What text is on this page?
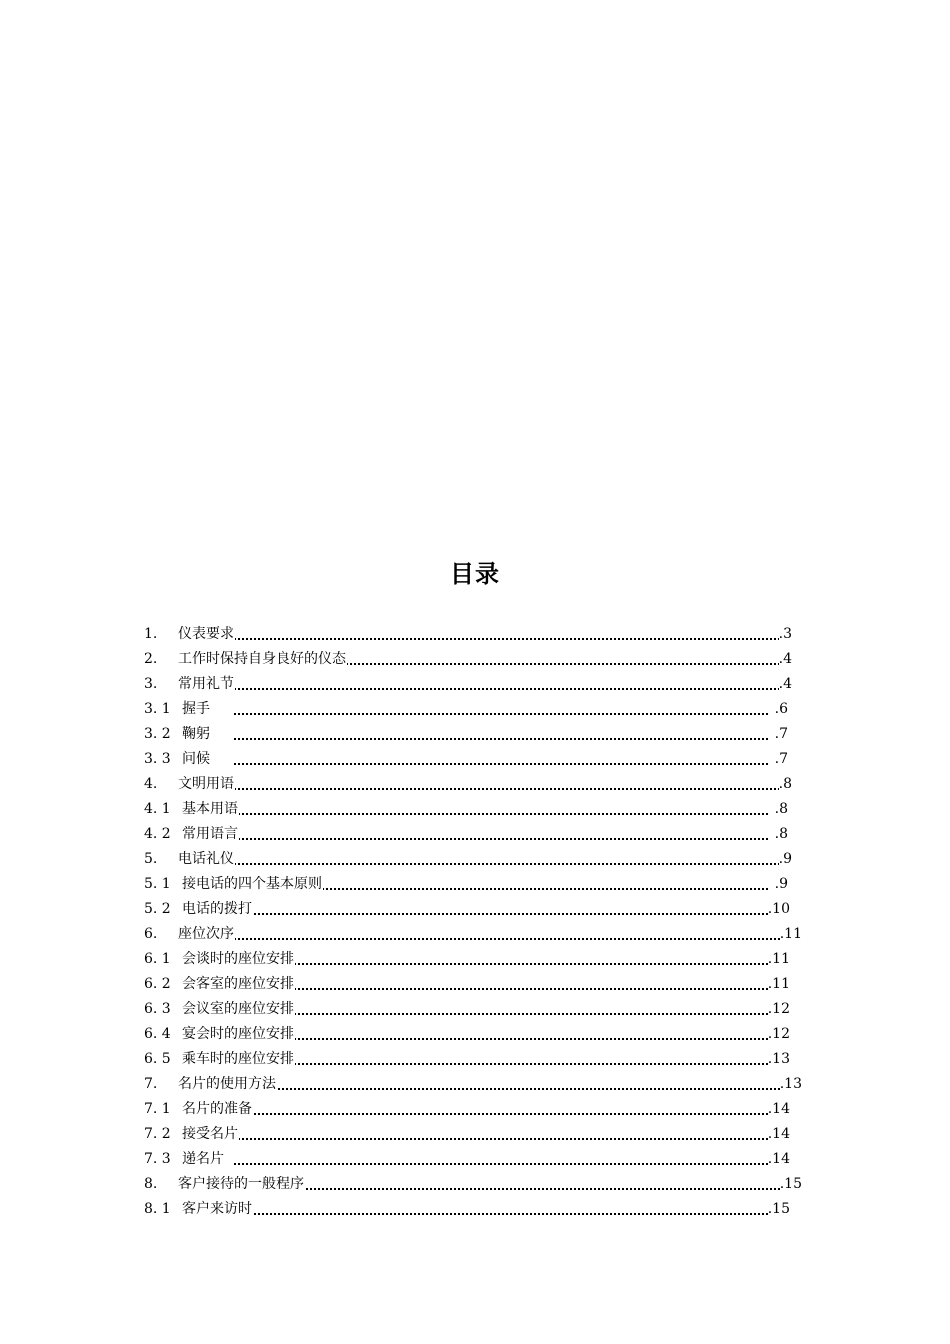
目录
1. 仪表要求	.3
2. 工作时保持自身良好的仪态	.4
3. 常用礼节	.4
3. 1 握手	.6
3. 2 鞠躬	.7
3. 3 问候	.7
4. 文明用语	.8
4. 1 基本用语	.8
4. 2 常用语言	.8
5. 电话礼仪	.9
5. 1 接电话的四个基本原则	.9
5. 2 电话的拨打	.10
6. 座位次序	.11
6. 1 会谈时的座位安排	.11
6. 2 会客室的座位安排	.11
6. 3 会议室的座位安排	.12
6. 4 宴会时的座位安排	.12
6. 5 乘车时的座位安排	.13
7. 名片的使用方法	.13
7. 1 名片的准备	.14
7. 2 接受名片	.14
7. 3 递名片	.14
8. 客户接待的一般程序	.15
8. 1 客户来访时	.15
